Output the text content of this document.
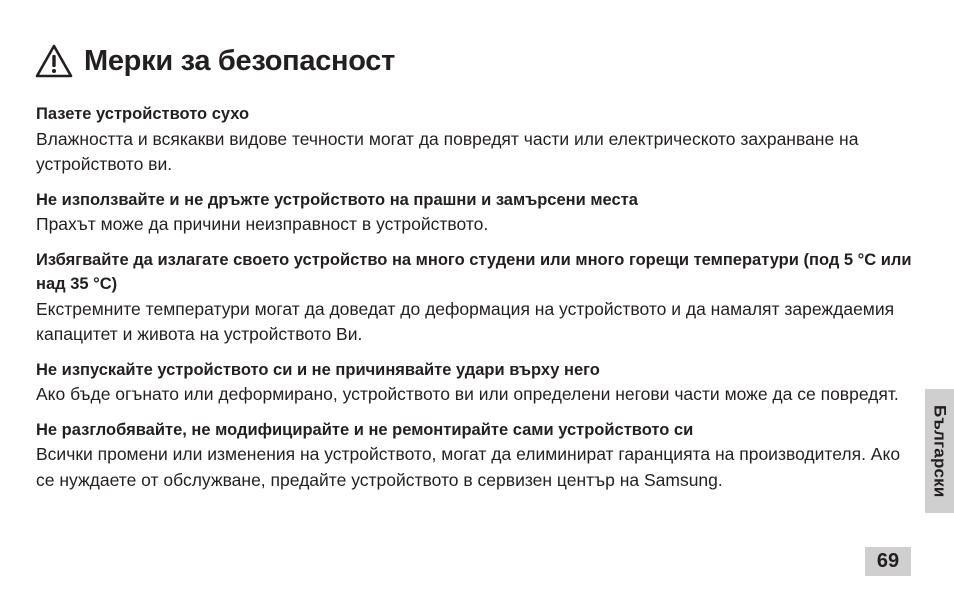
Мерки за безопасност
Пазете устройството сухо
Влажността и всякакви видове течности могат да повредят части или електрическото захранване на устройството ви.
Не използвайте и не дръжте устройството на прашни и замърсени места
Прахът може да причини неизправност в устройството.
Избягвайте да излагате своето устройство на много студени или много горещи температури (под 5 °C или над 35 °C)
Екстремните температури могат да доведат до деформация на устройството и да намалят зареждаемия капацитет и живота на устройството Ви.
Не изпускайте устройството си и не причинявайте удари върху него
Ако бъде огънато или деформирано, устройството ви или определени негови части може да се повредят.
Не разглобявайте, не модифицирайте и не ремонтирайте сами устройството си
Всички промени или изменения на устройството, могат да елиминират гаранцията на производителя. Ако се нуждаете от обслужване, предайте устройството в сервизен център на Samsung.	Български
69
